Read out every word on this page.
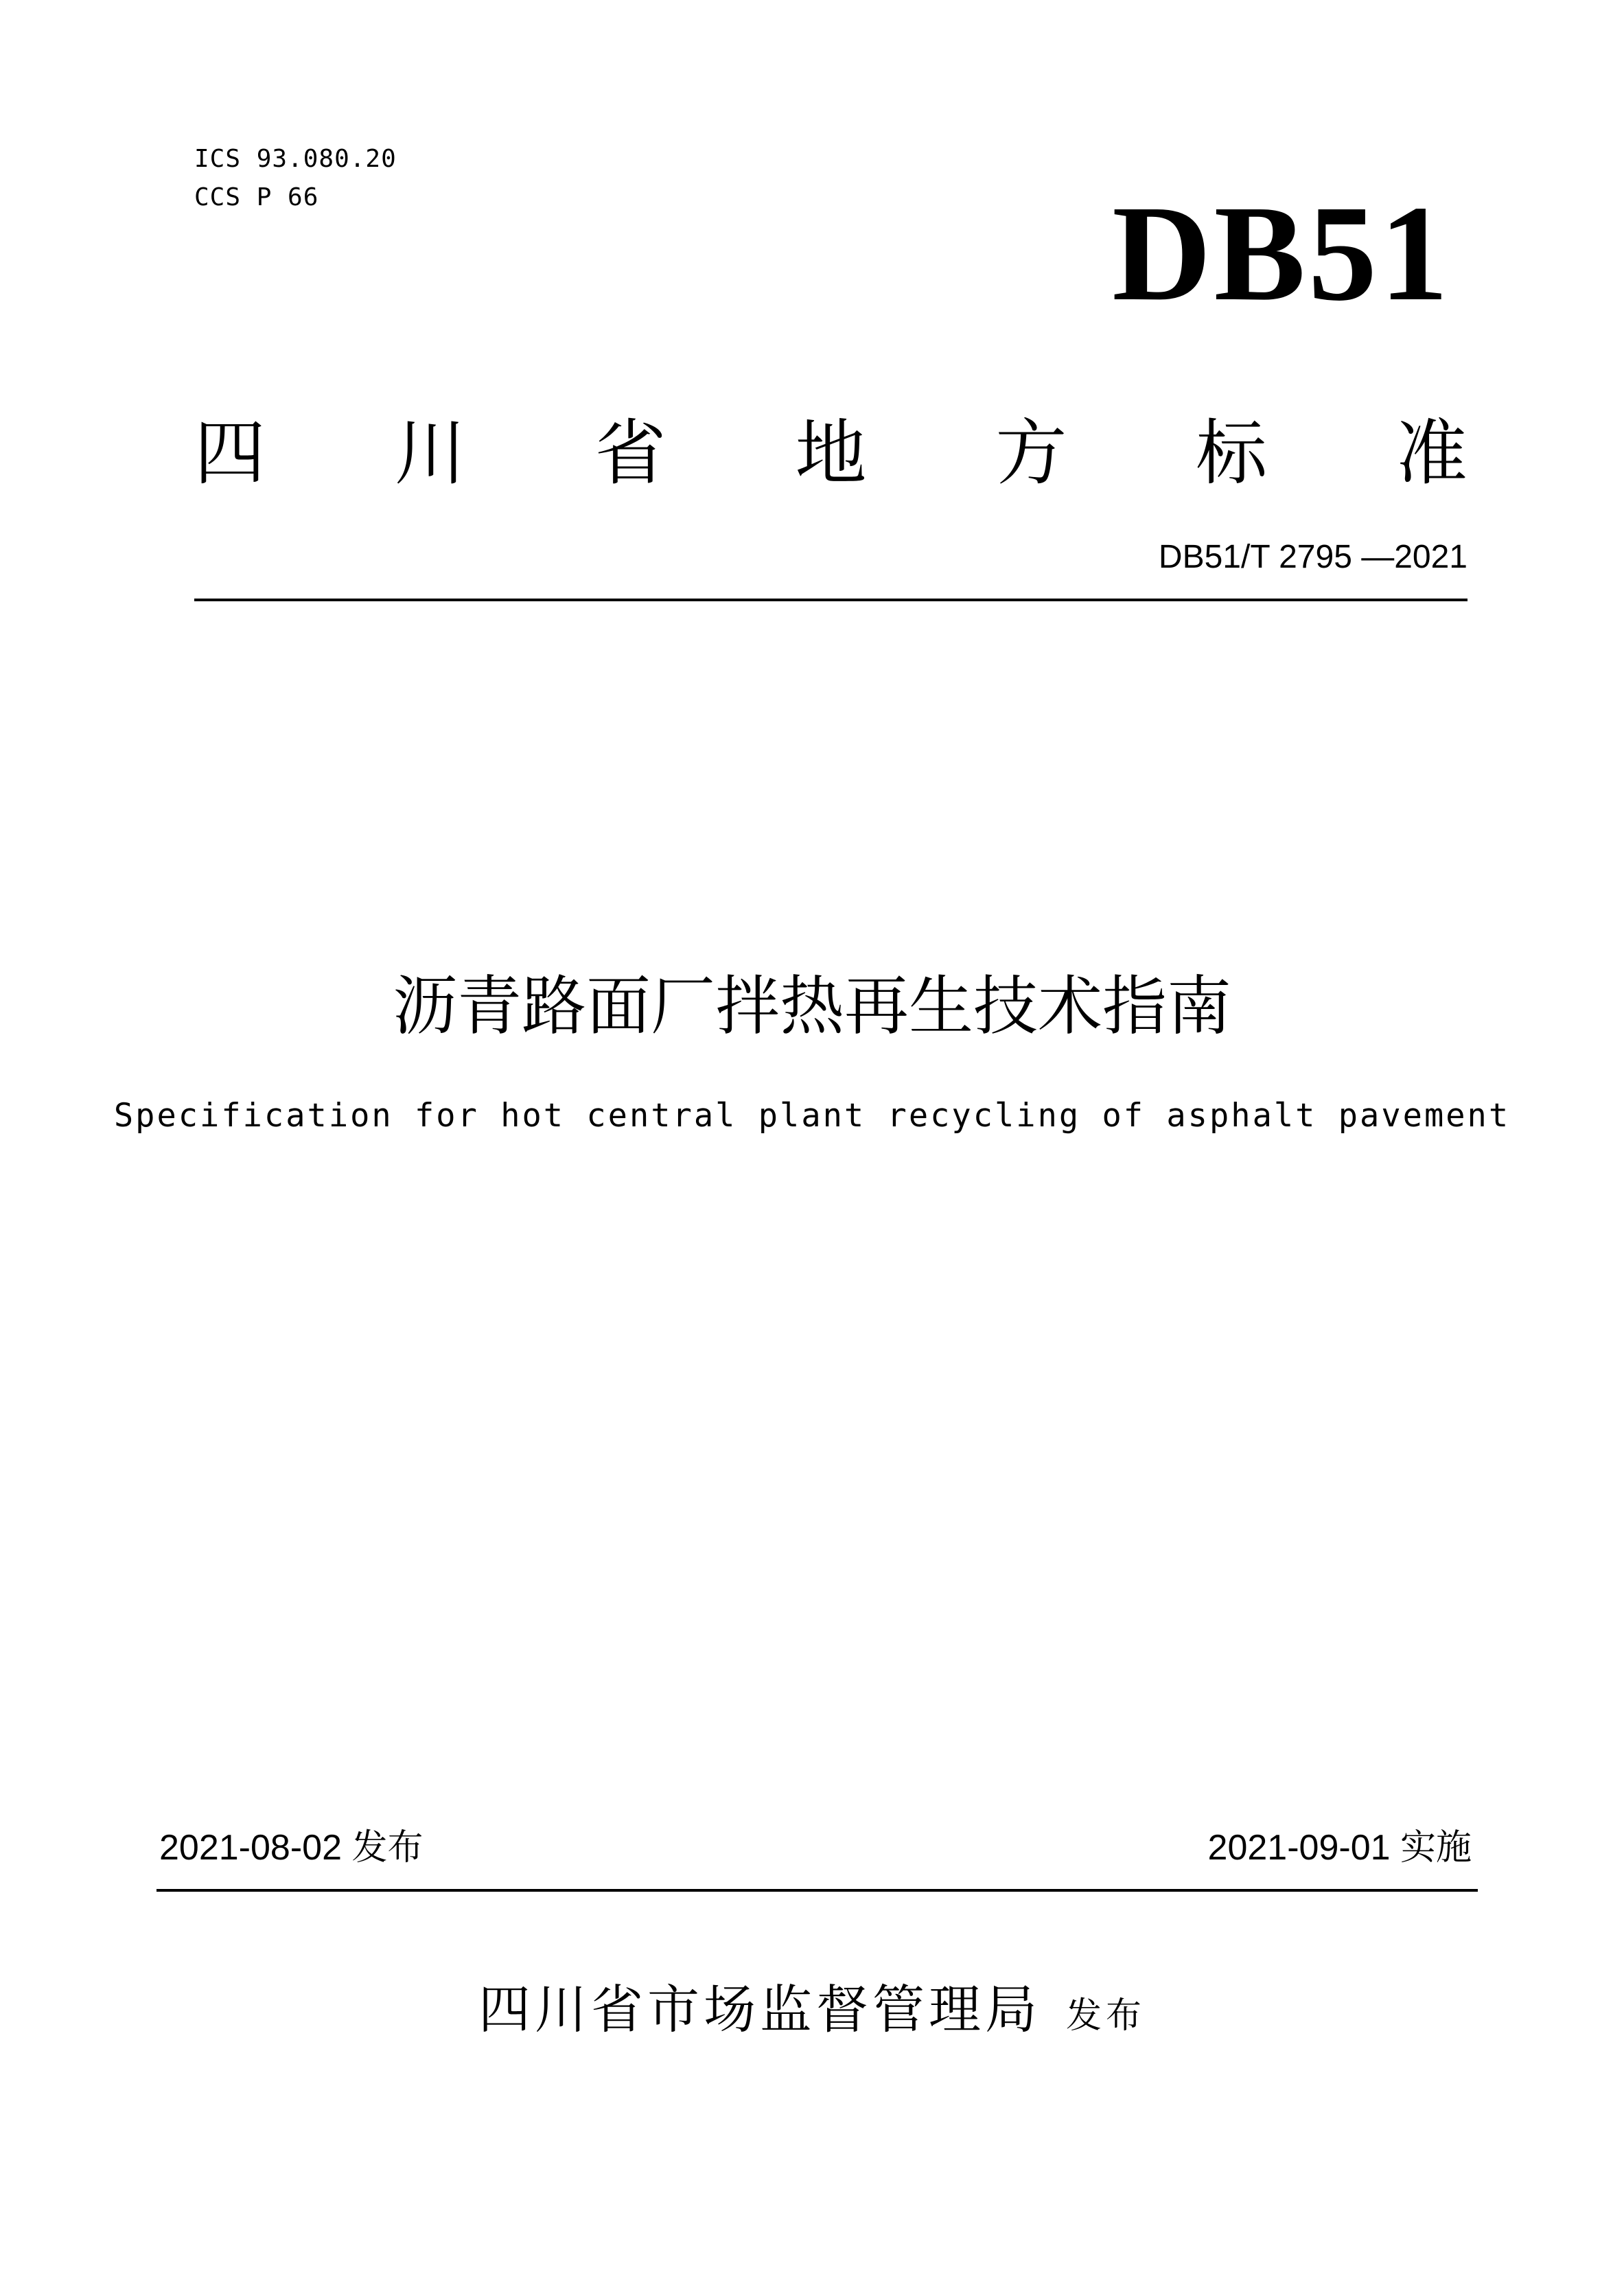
ICS 93.080.20
CCS P 66	DB51
四 川 省 地 方 标 准
DB51/T 2795 —2021
沥青路面厂拌热再生技术指南
Specification for hot central plant recycling of asphalt pavement
2021-08-02 发布	2021-09-01 实施
四川省市场监督管理局 发布
